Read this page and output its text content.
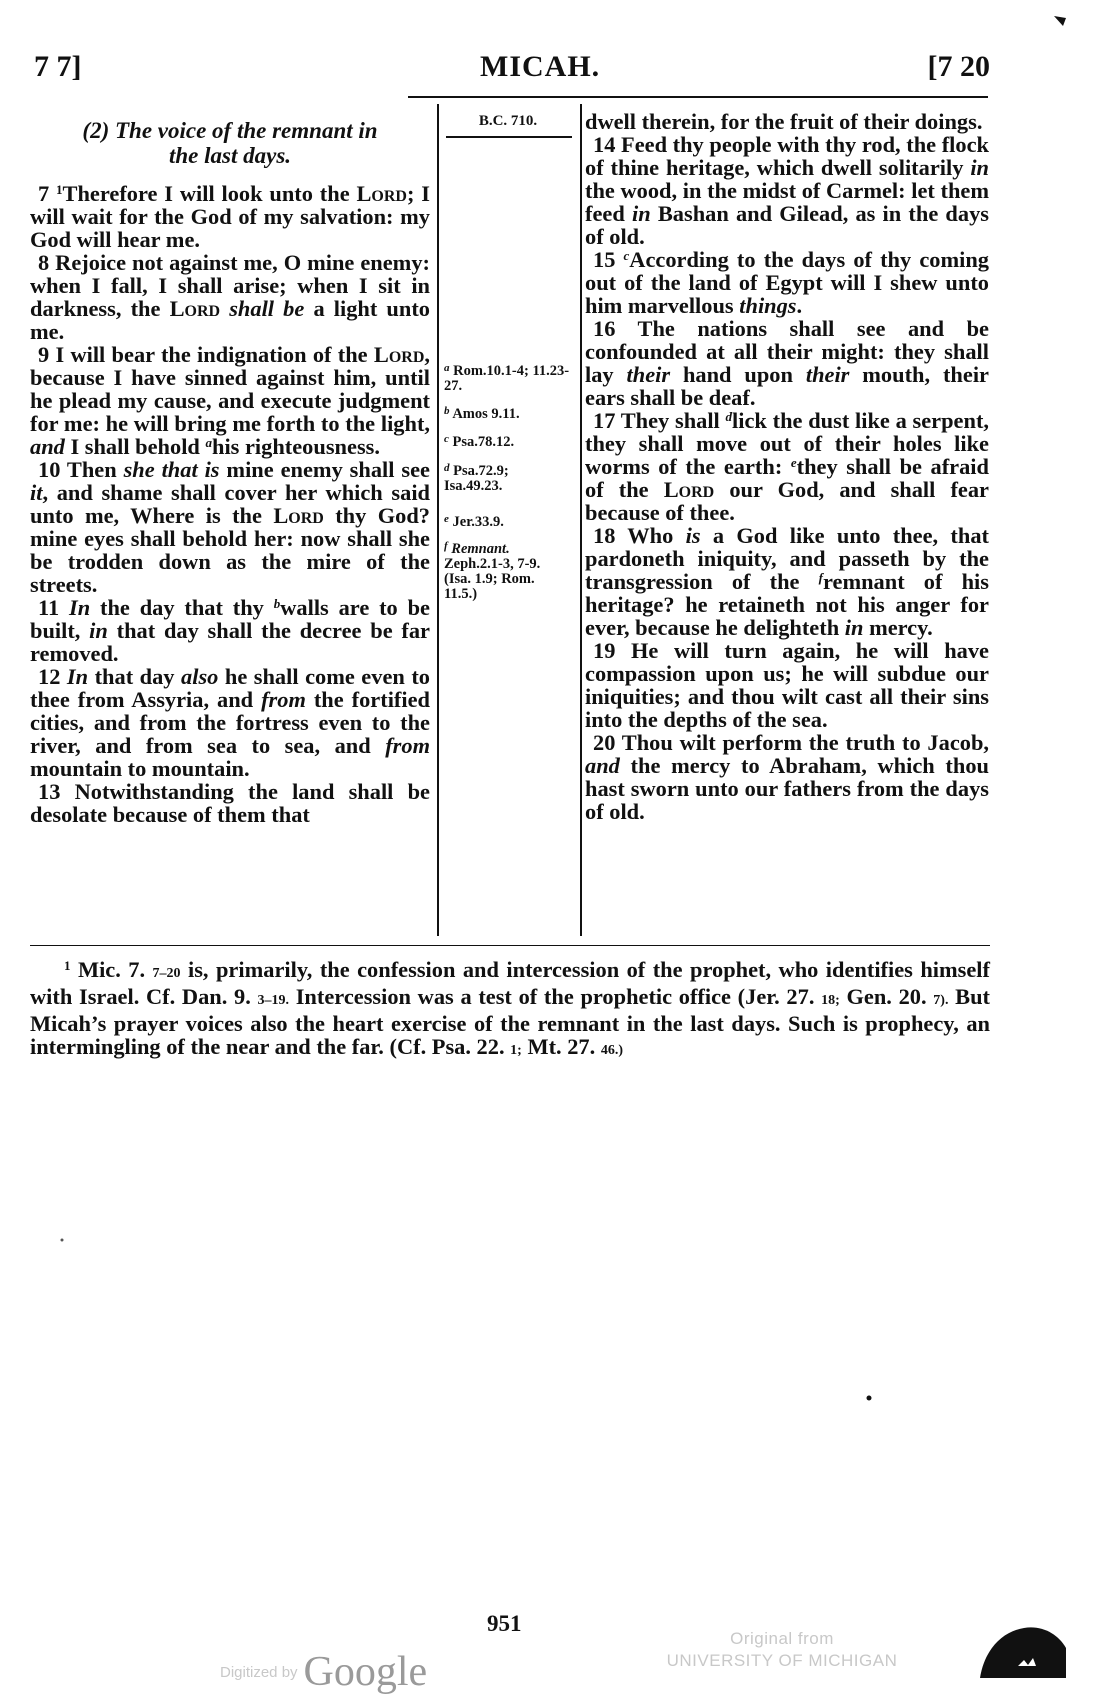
7 7]	MICAH.	[7 20
(2) The voice of the remnant in
the last days.

7 $^1$Therefore I will look unto the Lord; I will wait for the God of my salvation: my God will hear me.

8 Rejoice not against me, O mine enemy: when I fall, I shall arise; when I sit in darkness, the Lord shall be a light unto me.

9 I will bear the indignation of the Lord, because I have sinned against him, until he plead my cause, and execute judgment for me: he will bring me forth to the light, and I shall behold $^a$his righteousness.

10 Then she that is mine enemy shall see it, and shame shall cover her which said unto me, Where is the Lord thy God? mine eyes shall behold her: now shall she be trodden down as the mire of the streets.

11 In the day that thy $^b$walls are to be built, in that day shall the decree be far removed.

12 In that day also he shall come even to thee from Assyria, and from the fortified cities, and from the fortress even to the river, and from sea to sea, and from mountain to mountain.

13 Notwithstanding the land shall be desolate because of them that

B.C. 710.
$^a$ Rom.10.1-4; 11.23-27.
$^b$ Amos 9.11.
$^c$ Psa.78.12.
$^d$ Psa.72.9; Isa.49.23.
$^e$ Jer.33.9.
$^f$ Remnant. Zeph.2.1-3, 7-9. (Isa. 1.9; Rom. 11.5.)

dwell therein, for the fruit of their doings.

14 Feed thy people with thy rod, the flock of thine heritage, which dwell solitarily in the wood, in the midst of Carmel: let them feed in Bashan and Gilead, as in the days of old.

15 $^c$According to the days of thy coming out of the land of Egypt will I shew unto him marvellous things.

16 The nations shall see and be confounded at all their might: they shall lay their hand upon their mouth, their ears shall be deaf.

17 They shall $^d$lick the dust like a serpent, they shall move out of their holes like worms of the earth: $^e$they shall be afraid of the Lord our God, and shall fear because of thee.

18 Who is a God like unto thee, that pardoneth iniquity, and passeth by the transgression of the $^f$remnant of his heritage? he retaineth not his anger for ever, because he delighteth in mercy.

19 He will turn again, he will have compassion upon us; he will subdue our iniquities; and thou wilt cast all their sins into the depths of the sea.

20 Thou wilt perform the truth to Jacob, and the mercy to Abraham, which thou hast sworn unto our fathers from the days of old.

$^1$ Mic. 7. 7–20 is, primarily, the confession and intercession of the prophet, who identifies himself with Israel. Cf. Dan. 9. 3–19. Intercession was a test of the prophetic office (Jer. 27. 18; Gen. 20. 7). But Micah’s prayer voices also the heart exercise of the remnant in the last days. Such is prophecy, an intermingling of the near and the far. (Cf. Psa. 22. 1; Mt. 27. 46.)
951
Digitized by Google
Original from
UNIVERSITY OF MICHIGAN
